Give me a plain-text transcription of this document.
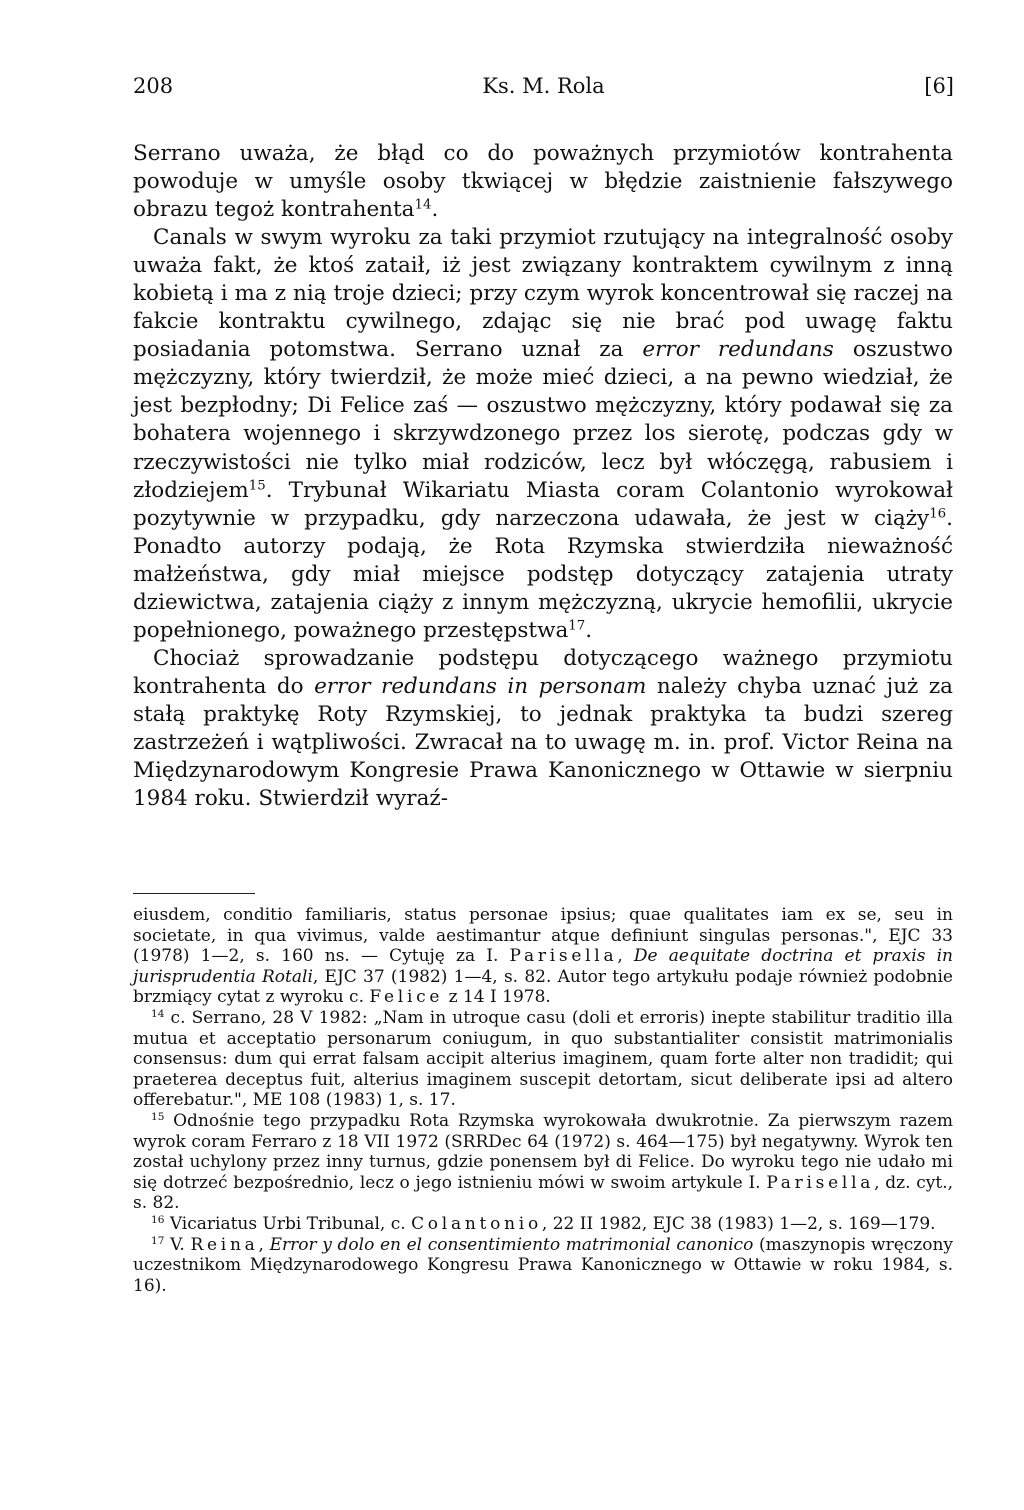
208	Ks. M. Rola	[6]

Serrano uważa, że błąd co do poważnych przymiotów kontrahenta powoduje w umyśle osoby tkwiącej w błędzie zaistnienie fałszywego obrazu tegoż kontrahenta$^{14}$.

Canals w swym wyroku za taki przymiot rzutujący na integralność osoby uważa fakt, że ktoś zataił, iż jest związany kontraktem cywilnym z inną kobietą i ma z nią troje dzieci; przy czym wyrok koncentrował się raczej na fakcie kontraktu cywilnego, zdając się nie brać pod uwagę faktu posiadania potomstwa. Serrano uznał za error redundans oszustwo mężczyzny, który twierdził, że może mieć dzieci, a na pewno wiedział, że jest bezpłodny; Di Felice zaś — oszustwo mężczyzny, który podawał się za bohatera wojennego i skrzywdzonego przez los sierotę, podczas gdy w rzeczywistości nie tylko miał rodziców, lecz był włóczęgą, rabusiem i złodziejem$^{15}$. Trybunał Wikariatu Miasta coram Colantonio wyrokował pozytywnie w przypadku, gdy narzeczona udawała, że jest w ciąży$^{16}$. Ponadto autorzy podają, że Rota Rzymska stwierdziła nieważność małżeństwa, gdy miał miejsce podstęp dotyczący zatajenia utraty dziewictwa, zatajenia ciąży z innym mężczyzną, ukrycie hemofilii, ukrycie popełnionego, poważnego przestępstwa$^{17}$.

Chociaż sprowadzanie podstępu dotyczącego ważnego przymiotu kontrahenta do error redundans in personam należy chyba uznać już za stałą praktykę Roty Rzymskiej, to jednak praktyka ta budzi szereg zastrzeżeń i wątpliwości. Zwracał na to uwagę m. in. prof. Victor Reina na Międzynarodowym Kongresie Prawa Kanonicznego w Ottawie w sierpniu 1984 roku. Stwierdził wyraź-

eiusdem, conditio familiaris, status personae ipsius; quae qualitates iam ex se, seu in societate, in qua vivimus, valde aestimantur atque definiunt singulas personas.", EJC 33 (1978) 1—2, s. 160 ns. — Cytuję za I. Parisella, De aequitate doctrina et praxis in jurisprudentia Rotali, EJC 37 (1982) 1—4, s. 82. Autor tego artykułu podaje również podobnie brzmiący cytat z wyroku c. Felice z 14 I 1978.

$^{14}$ c. Serrano, 28 V 1982: „Nam in utroque casu (doli et erroris) inepte stabilitur traditio illa mutua et acceptatio personarum coniugum, in quo substantialiter consistit matrimonialis consensus: dum qui errat falsam accipit alterius imaginem, quam forte alter non tradidit; qui praeterea deceptus fuit, alterius imaginem suscepit detortam, sicut deliberate ipsi ad altero offerebatur.", ME 108 (1983) 1, s. 17.

$^{15}$ Odnośnie tego przypadku Rota Rzymska wyrokowała dwukrotnie. Za pierwszym razem wyrok coram Ferraro z 18 VII 1972 (SRRDec 64 (1972) s. 464—175) był negatywny. Wyrok ten został uchylony przez inny turnus, gdzie ponensem był di Felice. Do wyroku tego nie udało mi się dotrzeć bezpośrednio, lecz o jego istnieniu mówi w swoim artykule I. Parisella, dz. cyt., s. 82.

$^{16}$ Vicariatus Urbi Tribunal, c. Colantonio, 22 II 1982, EJC 38 (1983) 1—2, s. 169—179.

$^{17}$ V. Reina, Error y dolo en el consentimiento matrimonial canonico (maszynopis wręczony uczestnikom Międzynarodowego Kongresu Prawa Kanonicznego w Ottawie w roku 1984, s. 16).
